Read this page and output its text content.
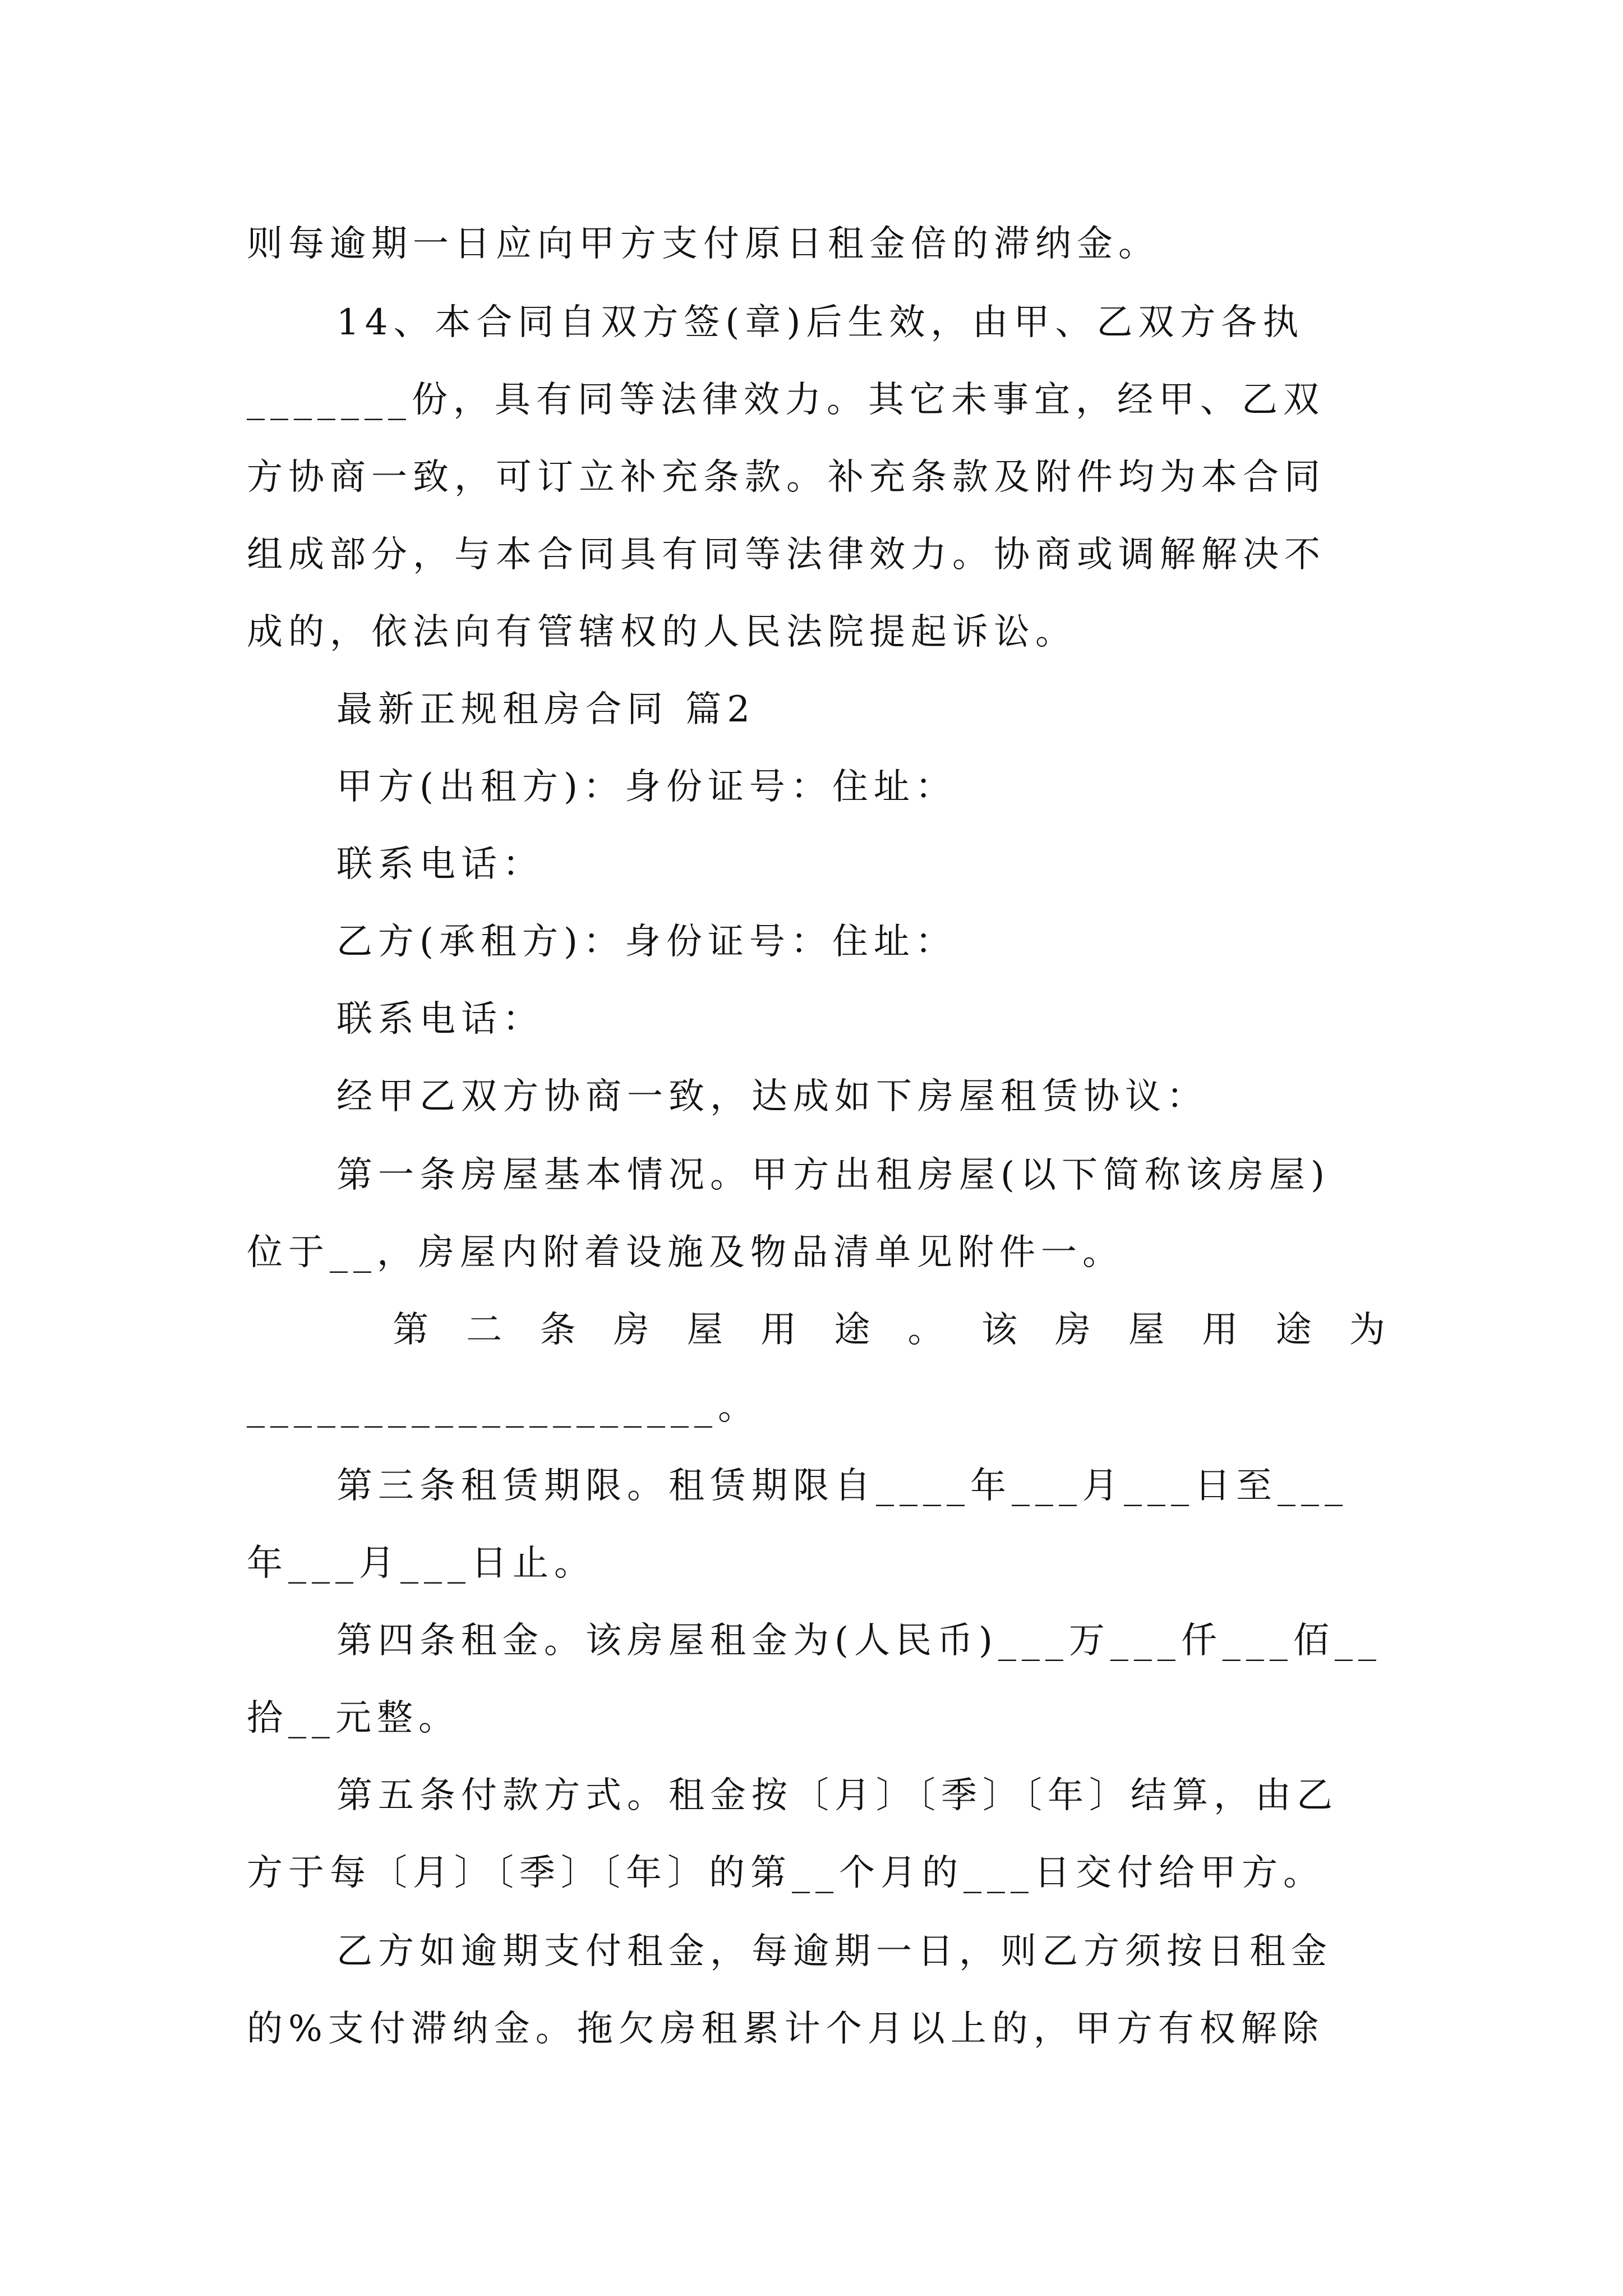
则每逾期一日应向甲方支付原日租金倍的滞纳金。
14、本合同自双方签(章)后生效，由甲、乙双方各执
_______份，具有同等法律效力。其它未事宜，经甲、乙双
方协商一致，可订立补充条款。补充条款及附件均为本合同
组成部分，与本合同具有同等法律效力。协商或调解解决不
成的，依法向有管辖权的人民法院提起诉讼。
最新正规租房合同 篇2
甲方(出租方)：身份证号：住址：
联系电话：
乙方(承租方)：身份证号：住址：
联系电话：
经甲乙双方协商一致，达成如下房屋租赁协议：
第一条房屋基本情况。甲方出租房屋(以下简称该房屋)
位于__，房屋内附着设施及物品清单见附件一。
第 二 条 房 屋 用 途 。 该 房 屋 用 途 为
____________________。
第三条租赁期限。租赁期限自____年___月___日至___
年___月___日止。
第四条租金。该房屋租金为(人民币)___万___仟___佰__
拾__元整。
第五条付款方式。租金按〔月〕〔季〕〔年〕结算，由乙
方于每〔月〕〔季〕〔年〕的第__个月的___日交付给甲方。
乙方如逾期支付租金，每逾期一日，则乙方须按日租金
的%支付滞纳金。拖欠房租累计个月以上的，甲方有权解除
